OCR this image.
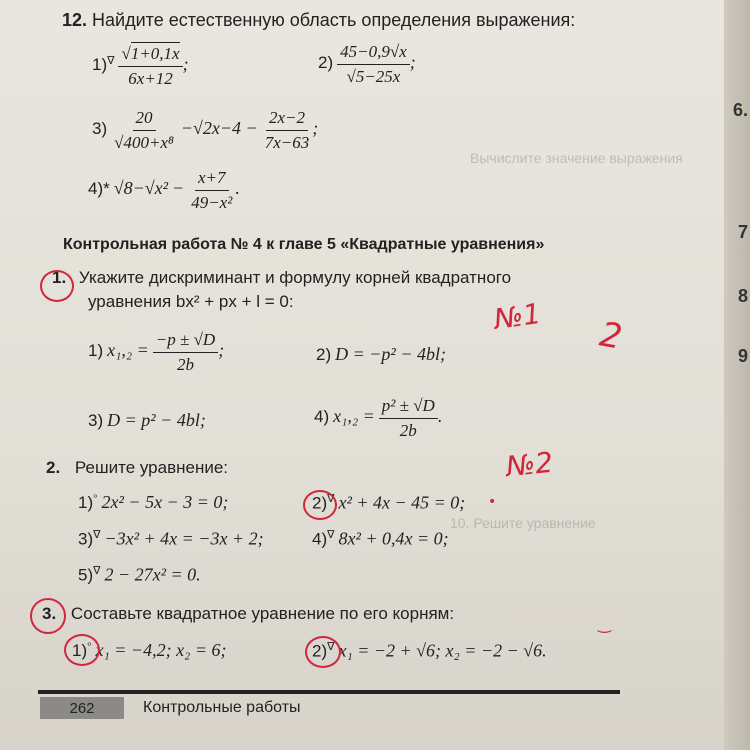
Вычислите значение выражения
10. Решите уравнение
12. Найдите естественную область определения выражения:
$1)^\nabla \frac{√1+0,1x}{6x+12}$ ;	$2) \frac{45-0,9√x}{√5-25x}$ ;
$3) \frac{20}{\text{√400+x⁸}} -√2x-4 - \frac{2x-2}{7x-63}$ ;
4)* $√8-√x^2 - \frac{x+7}{\text{49−x²}}$ .
Контрольная работа № 4 к главе 5 «Квадратные уравнения»
1. Укажите дискриминант и формулу корней квадратного
уравнения bx² + px + l = 0:
1) $x_1,_2 = \frac{-p \pm √D}{2b}$ ;	2) D = −p² − 4bl;
3) D = p² − 4bl;	4) $x_1,_2 = \frac{\text{p² ± √D}}{2b}$ .
2. Решите уравнение:
1)° 2x² − 5x − 3 = 0;	2)∇ x² + 4x − 45 = 0;
3)∇ −3x² + 4x = −3x + 2;	4)∇ 8x² + 0,4x = 0;
5)∇ 2 − 27x² = 0.
3. Составьте квадратное уравнение по его корням:
1)° x₁ = −4,2; x₂ = 6;	2)∇ x₁ = −2 + √6; x₂ = −2 − √6.
№1 2
№2
•
‿
262	Контрольные работы
6.
7
8
9
